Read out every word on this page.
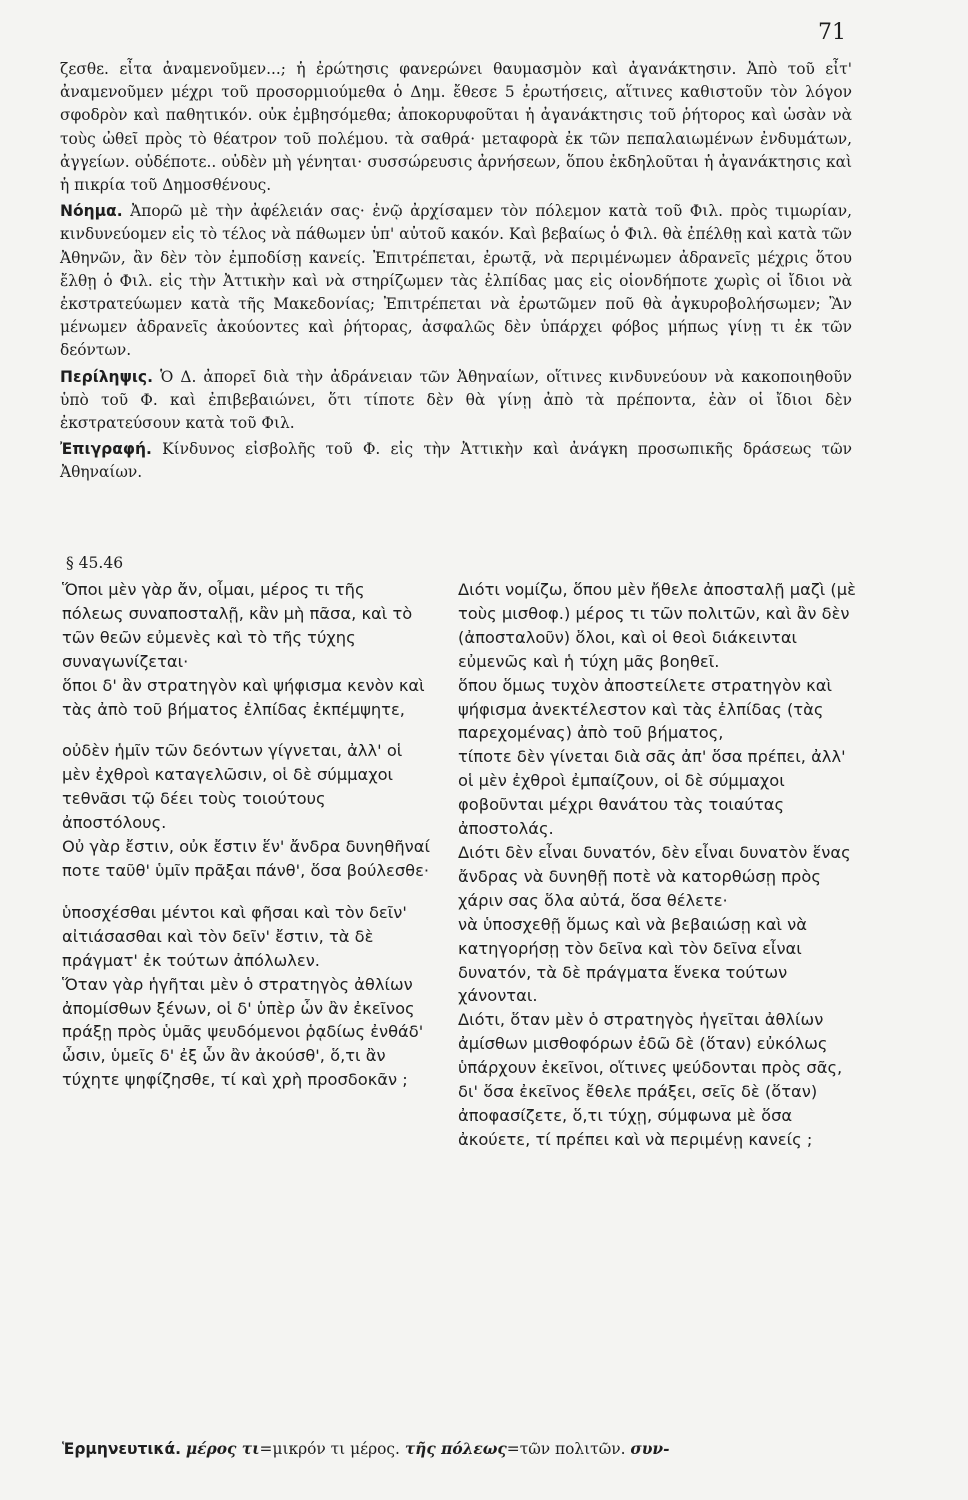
71

ζεσθε. εἶτα ἀναμενοῦμεν...; ἡ ἐρώτησις φανερώνει θαυμασμὸν καὶ ἀγανάκτησιν. Ἀπὸ τοῦ εἶτ' ἀναμενοῦμεν μέχρι τοῦ προσορμιούμεθα ὁ Δημ. ἔθεσε 5 ἐρωτήσεις, αἵτινες καθιστοῦν τὸν λόγον σφοδρὸν καὶ παθητικόν. οὐκ ἐμβησόμεθα; ἀποκορυφοῦται ἡ ἀγανάκτησις τοῦ ῥήτορος καὶ ὡσὰν νὰ τοὺς ὠθεῖ πρὸς τὸ θέατρον τοῦ πολέμου. τὰ σαθρά· μεταφορὰ ἐκ τῶν πεπαλαιωμένων ἐνδυμάτων, ἀγγείων. οὐδέποτε.. οὐδὲν μὴ γένηται· συσσώρευσις ἀρνήσεων, ὅπου ἐκδηλοῦται ἡ ἀγανάκτησις καὶ ἡ πικρία τοῦ Δημοσθένους.

Νόημα. Ἀπορῶ μὲ τὴν ἀφέλειάν σας· ἐνῷ ἀρχίσαμεν τὸν πόλεμον κατὰ τοῦ Φιλ. πρὸς τιμωρίαν, κινδυνεύομεν εἰς τὸ τέλος νὰ πάθωμεν ὑπ' αὐτοῦ κακόν. Καὶ βεβαίως ὁ Φιλ. θὰ ἐπέλθῃ καὶ κατὰ τῶν Ἀθηνῶν, ἂν δὲν τὸν ἐμποδίσῃ κανείς. Ἐπιτρέπεται, ἐρωτᾷ, νὰ περιμένωμεν ἀδρανεῖς μέχρις ὅτου ἔλθῃ ὁ Φιλ. εἰς τὴν Ἀττικὴν καὶ νὰ στηρίζωμεν τὰς ἐλπίδας μας εἰς οἱονδήποτε χωρὶς οἱ ἴδιοι νὰ ἐκστρατεύωμεν κατὰ τῆς Μακεδονίας; Ἐπιτρέπεται νὰ ἐρωτῶμεν ποῦ θὰ ἀγκυροβολήσωμεν; Ἂν μένωμεν ἀδρανεῖς ἀκούοντες καὶ ῥήτορας, ἀσφαλῶς δὲν ὑπάρχει φόβος μήπως γίνῃ τι ἐκ τῶν δεόντων.

Περίληψις. Ὁ Δ. ἀπορεῖ διὰ τὴν ἀδράνειαν τῶν Ἀθηναίων, οἵτινες κινδυνεύουν νὰ κακοποιηθοῦν ὑπὸ τοῦ Φ. καὶ ἐπιβεβαιώνει, ὅτι τίποτε δὲν θὰ γίνῃ ἀπὸ τὰ πρέποντα, ἐὰν οἱ ἴδιοι δὲν ἐκστρατεύσουν κατὰ τοῦ Φιλ.

Ἐπιγραφή. Κίνδυνος εἰσβολῆς τοῦ Φ. εἰς τὴν Ἀττικὴν καὶ ἀνάγκη προσωπικῆς δράσεως τῶν Ἀθηναίων.

§ 45.46

Ὅποι μὲν γὰρ ἄν, οἶμαι, μέρος τι τῆς πόλεως συναποσταλῇ, κἂν μὴ πᾶσα, καὶ τὸ τῶν θεῶν εὐμενὲς καὶ τὸ τῆς τύχης συναγωνίζεται·

ὅποι δ' ἂν στρατηγὸν καὶ ψήφισμα κενὸν καὶ τὰς ἀπὸ τοῦ βήματος ἐλπίδας ἐκπέμψητε,

οὐδὲν ἡμῖν τῶν δεόντων γίγνεται, ἀλλ' οἱ μὲν ἐχθροὶ καταγελῶσιν, οἱ δὲ σύμμαχοι τεθνᾶσι τῷ δέει τοὺς τοιούτους ἀποστόλους.

Οὐ γὰρ ἔστιν, οὐκ ἔστιν ἕν' ἄνδρα δυνηθῆναί ποτε ταῦθ' ὑμῖν πρᾶξαι πάνθ', ὅσα βούλεσθε·

ὑποσχέσθαι μέντοι καὶ φῆσαι καὶ τὸν δεῖν' αἰτιάσασθαι καὶ τὸν δεῖν' ἔστιν, τὰ δὲ πράγματ' ἐκ τούτων ἀπόλωλεν.

Ὅταν γὰρ ἡγῆται μὲν ὁ στρατηγὸς ἀθλίων ἀπομίσθων ξένων, οἱ δ' ὑπὲρ ὧν ἂν ἐκεῖνος πράξῃ πρὸς ὑμᾶς ψευδόμενοι ῥᾳδίως ἐνθάδ' ὦσιν, ὑμεῖς δ' ἐξ ὧν ἂν ἀκούσθ', ὅ,τι ἂν τύχητε ψηφίζησθε, τί καὶ χρὴ προσδοκᾶν ;

Διότι νομίζω, ὅπου μὲν ἤθελε ἀποσταλῇ μαζὶ (μὲ τοὺς μισθοφ.) μέρος τι τῶν πολιτῶν, καὶ ἂν δὲν (ἀποσταλοῦν) ὅλοι, καὶ οἱ θεοὶ διάκεινται εὐμενῶς καὶ ἡ τύχη μᾶς βοηθεῖ.

ὅπου ὅμως τυχὸν ἀποστείλετε στρατηγὸν καὶ ψήφισμα ἀνεκτέλεστον καὶ τὰς ἐλπίδας (τὰς παρεχομένας) ἀπὸ τοῦ βήματος,

τίποτε δὲν γίνεται διὰ σᾶς ἀπ' ὅσα πρέπει, ἀλλ' οἱ μὲν ἐχθροὶ ἐμπαίζουν, οἱ δὲ σύμμαχοι φοβοῦνται μέχρι θανάτου τὰς τοιαύτας ἀποστολάς.

Διότι δὲν εἶναι δυνατόν, δὲν εἶναι δυνατὸν ἕνας ἄνδρας νὰ δυνηθῇ ποτὲ νὰ κατορθώσῃ πρὸς χάριν σας ὅλα αὐτά, ὅσα θέλετε·

νὰ ὑποσχεθῇ ὅμως καὶ νὰ βεβαιώσῃ καὶ νὰ κατηγορήσῃ τὸν δεῖνα καὶ τὸν δεῖνα εἶναι δυνατόν, τὰ δὲ πράγματα ἕνεκα τούτων χάνονται.

Διότι, ὅταν μὲν ὁ στρατηγὸς ἡγεῖται ἀθλίων ἀμίσθων μισθοφόρων ἐδῶ δὲ (ὅταν) εὐκόλως ὑπάρχουν ἐκεῖνοι, οἵτινες ψεύδονται πρὸς σᾶς, δι' ὅσα ἐκεῖνος ἔθελε πράξει, σεῖς δὲ (ὅταν) ἀποφασίζετε, ὅ,τι τύχῃ, σύμφωνα μὲ ὅσα ἀκούετε, τί πρέπει καὶ νὰ περιμένῃ κανείς ;

Ἑρμηνευτικά. μέρος τι=μικρόν τι μέρος. τῆς πόλεως=τῶν πολιτῶν. συν-
